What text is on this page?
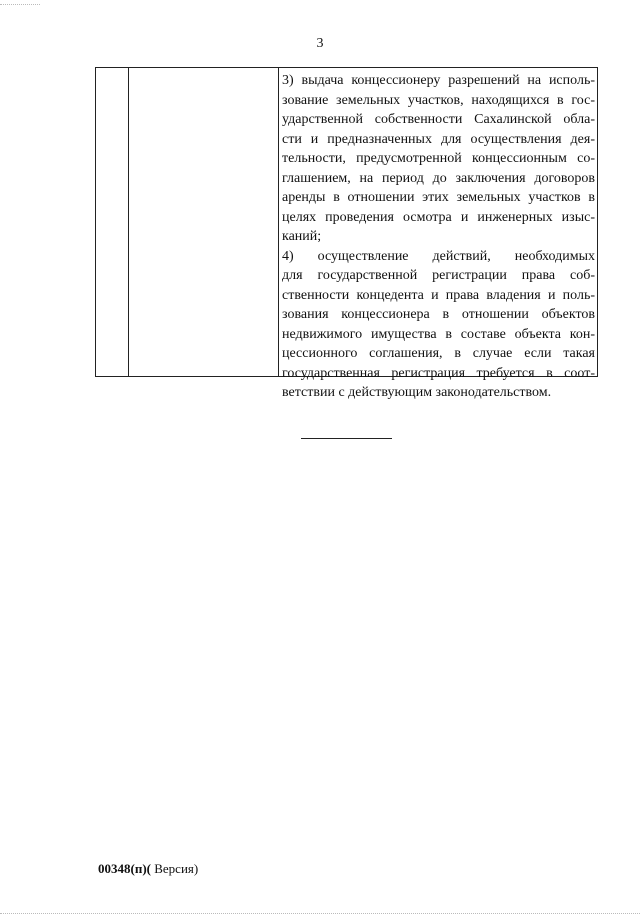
3
3) выдача концессионеру разрешений на исполь-
зование земельных участков, находящихся в гос-
ударственной собственности Сахалинской обла-
сти и предназначенных для осуществления дея-
тельности, предусмотренной концессионным со-
глашением, на период до заключения договоров
аренды в отношении этих земельных участков в
целях проведения осмотра и инженерных изыс-
каний;
4) осуществление действий, необходимых
для государственной регистрации права соб-
ственности концедента и права владения и поль-
зования концессионера в отношении объектов
недвижимого имущества в составе объекта кон-
цессионного соглашения, в случае если такая
государственная регистрация требуется в соот-
ветствии с действующим законодательством.
00348(п)( Версия)
